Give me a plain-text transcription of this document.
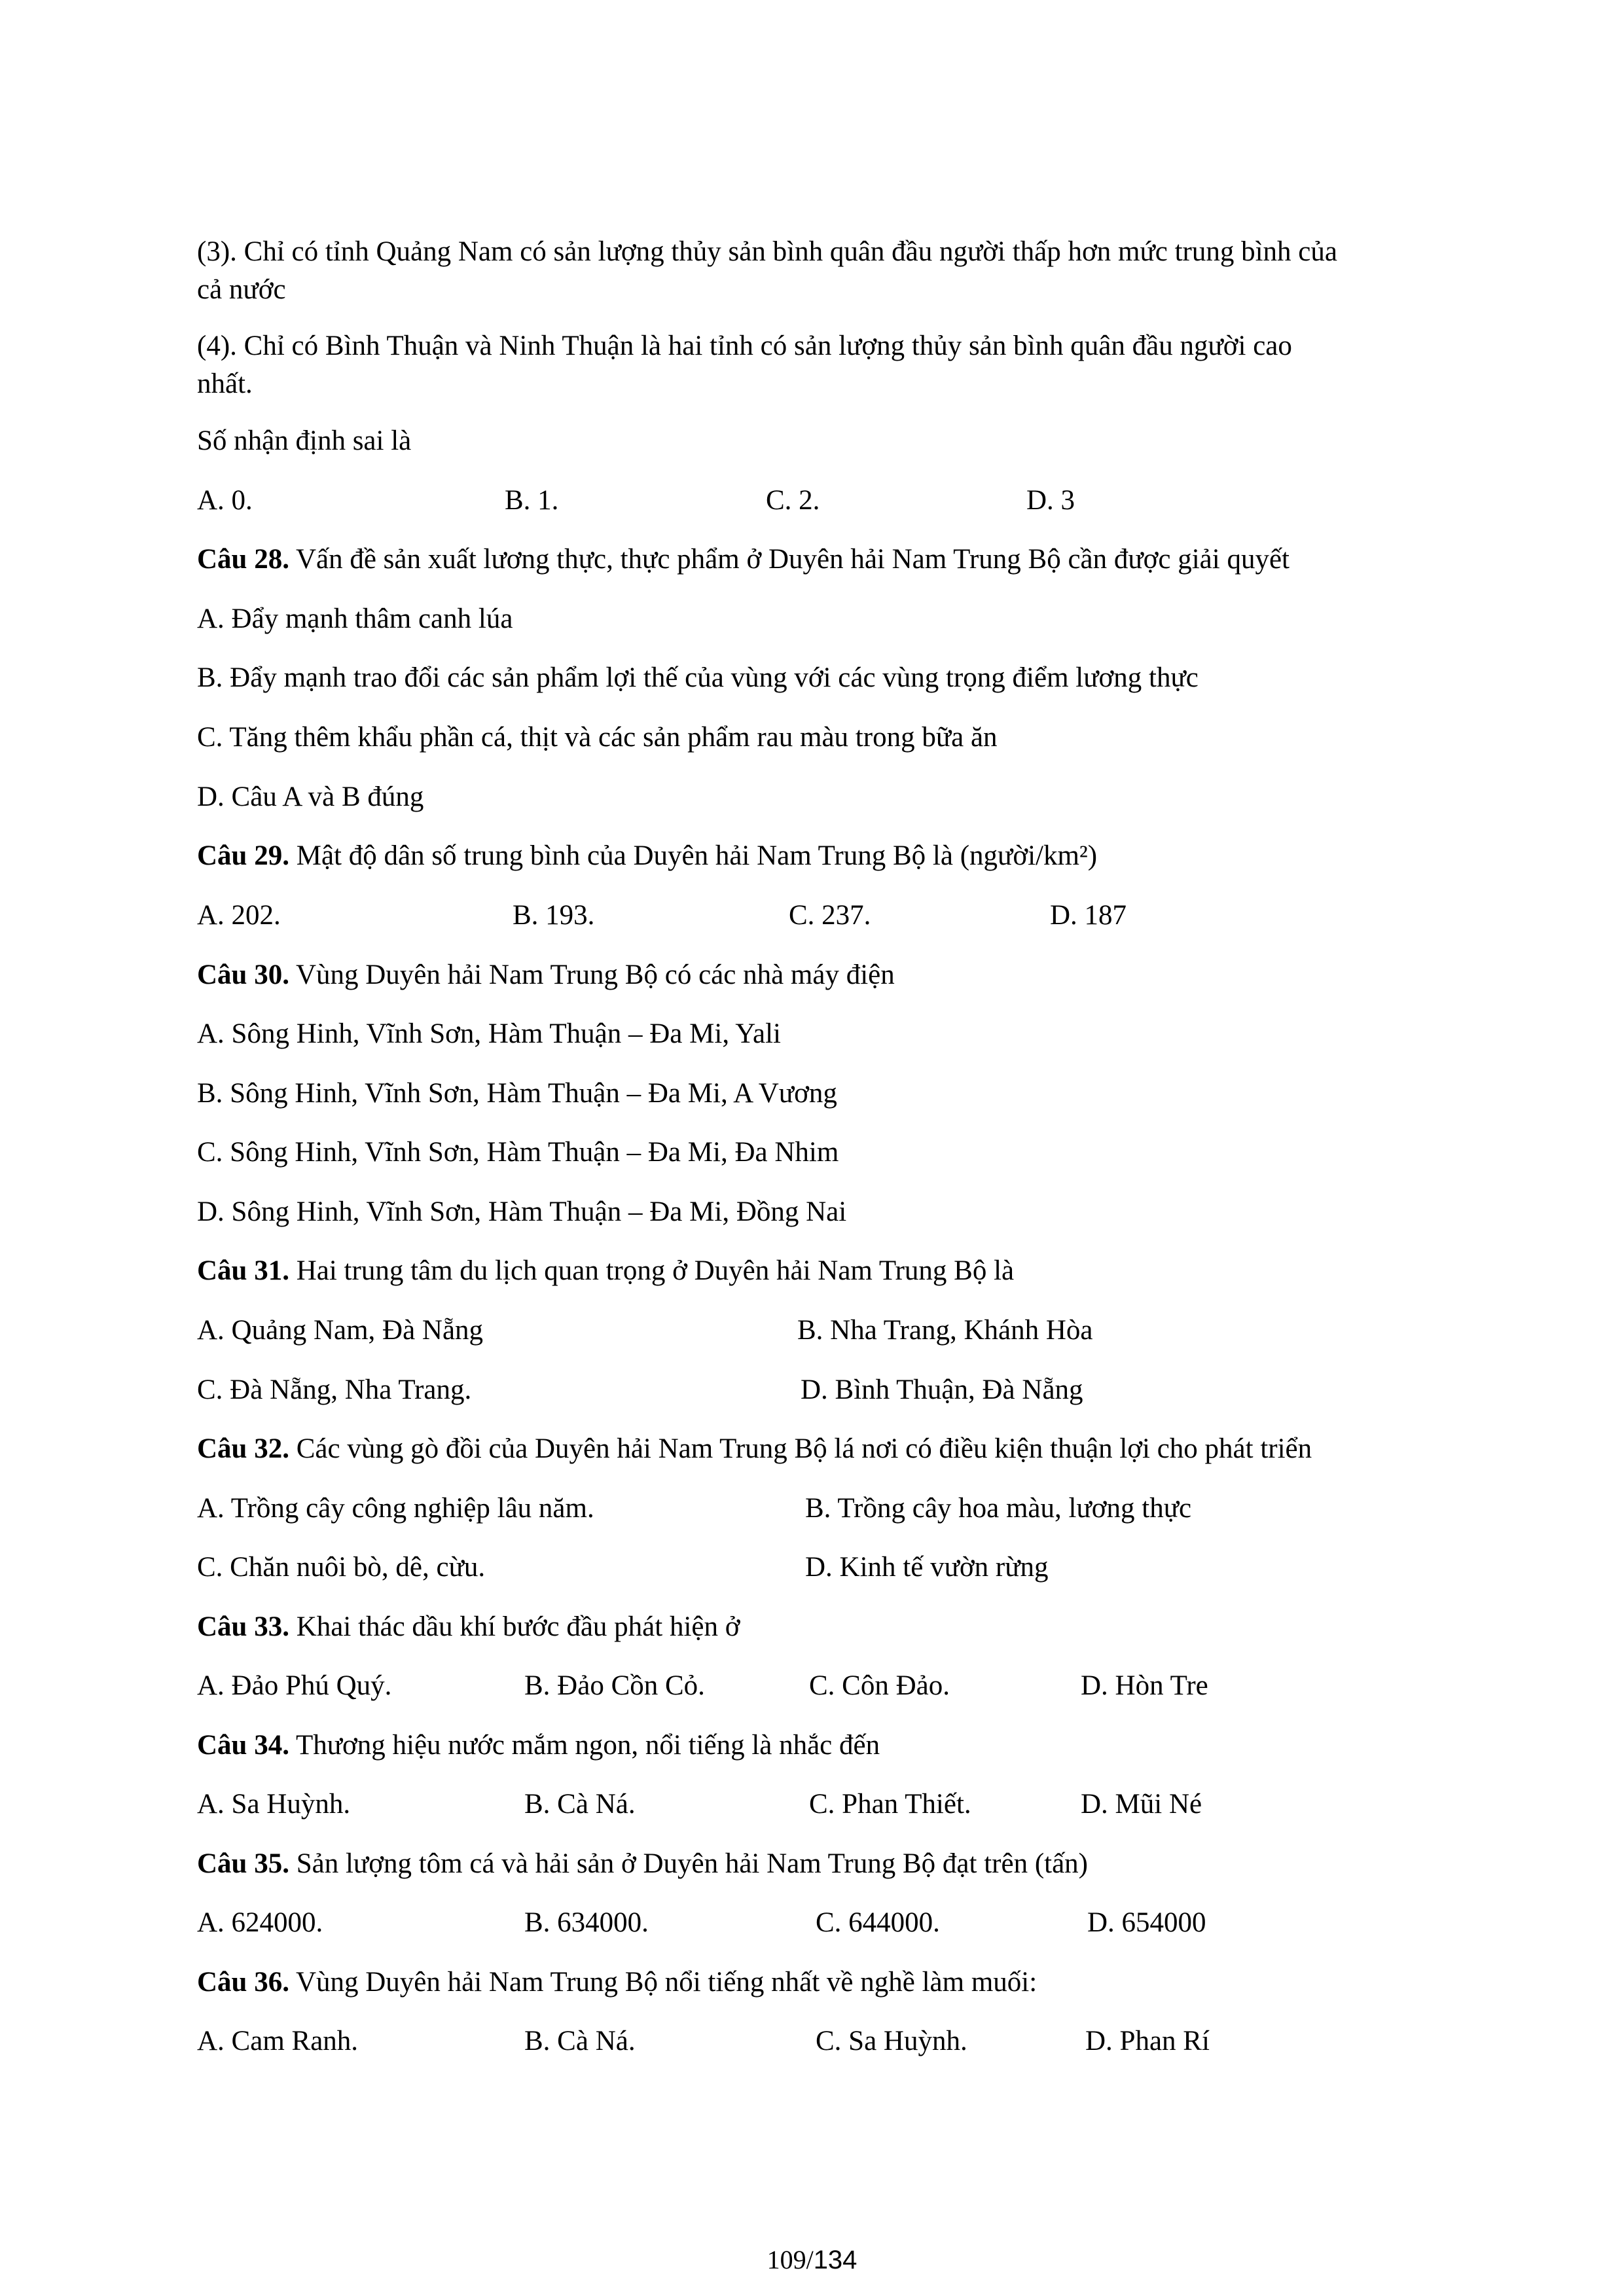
(3). Chỉ có tỉnh Quảng Nam có sản lượng thủy sản bình quân đầu người thấp hơn mức trung bình của
cả nước
(4). Chỉ có Bình Thuận và Ninh Thuận là hai tỉnh có sản lượng thủy sản bình quân đầu người cao
nhất.
Số nhận định sai là
A. 0.	B. 1.	C. 2.	D. 3
Câu 28. Vấn đề sản xuất lương thực, thực phẩm ở Duyên hải Nam Trung Bộ cần được giải quyết
A. Đẩy mạnh thâm canh lúa
B. Đẩy mạnh trao đổi các sản phẩm lợi thế của vùng với các vùng trọng điểm lương thực
C. Tăng thêm khẩu phần cá, thịt và các sản phẩm rau màu trong bữa ăn
D. Câu A và B đúng
Câu 29. Mật độ dân số trung bình của Duyên hải Nam Trung Bộ là (người/km²)
A. 202.	B. 193.	C. 237.	D. 187
Câu 30. Vùng Duyên hải Nam Trung Bộ có các nhà máy điện
A. Sông Hinh, Vĩnh Sơn, Hàm Thuận – Đa Mi, Yali
B. Sông Hinh, Vĩnh Sơn, Hàm Thuận – Đa Mi, A Vương
C. Sông Hinh, Vĩnh Sơn, Hàm Thuận – Đa Mi, Đa Nhim
D. Sông Hinh, Vĩnh Sơn, Hàm Thuận – Đa Mi, Đồng Nai
Câu 31. Hai trung tâm du lịch quan trọng ở Duyên hải Nam Trung Bộ là
A. Quảng Nam, Đà Nẵng	B. Nha Trang, Khánh Hòa
C. Đà Nẵng, Nha Trang.	D. Bình Thuận, Đà Nẵng
Câu 32. Các vùng gò đồi của Duyên hải Nam Trung Bộ lá nơi có điều kiện thuận lợi cho phát triển
A. Trồng cây công nghiệp lâu năm.	B. Trồng cây hoa màu, lương thực
C. Chăn nuôi bò, dê, cừu.	D. Kinh tế vườn rừng
Câu 33. Khai thác dầu khí bước đầu phát hiện ở
A. Đảo Phú Quý.	B. Đảo Cồn Cỏ.	C. Côn Đảo.	D. Hòn Tre
Câu 34. Thương hiệu nước mắm ngon, nổi tiếng là nhắc đến
A. Sa Huỳnh.	B. Cà Ná.	C. Phan Thiết.	D. Mũi Né
Câu 35. Sản lượng tôm cá và hải sản ở Duyên hải Nam Trung Bộ đạt trên (tấn)
A. 624000.	B. 634000.	C. 644000.	D. 654000
Câu 36. Vùng Duyên hải Nam Trung Bộ nổi tiếng nhất về nghề làm muối:
A. Cam Ranh.	B. Cà Ná.	C. Sa Huỳnh.	D. Phan Rí
109/134
